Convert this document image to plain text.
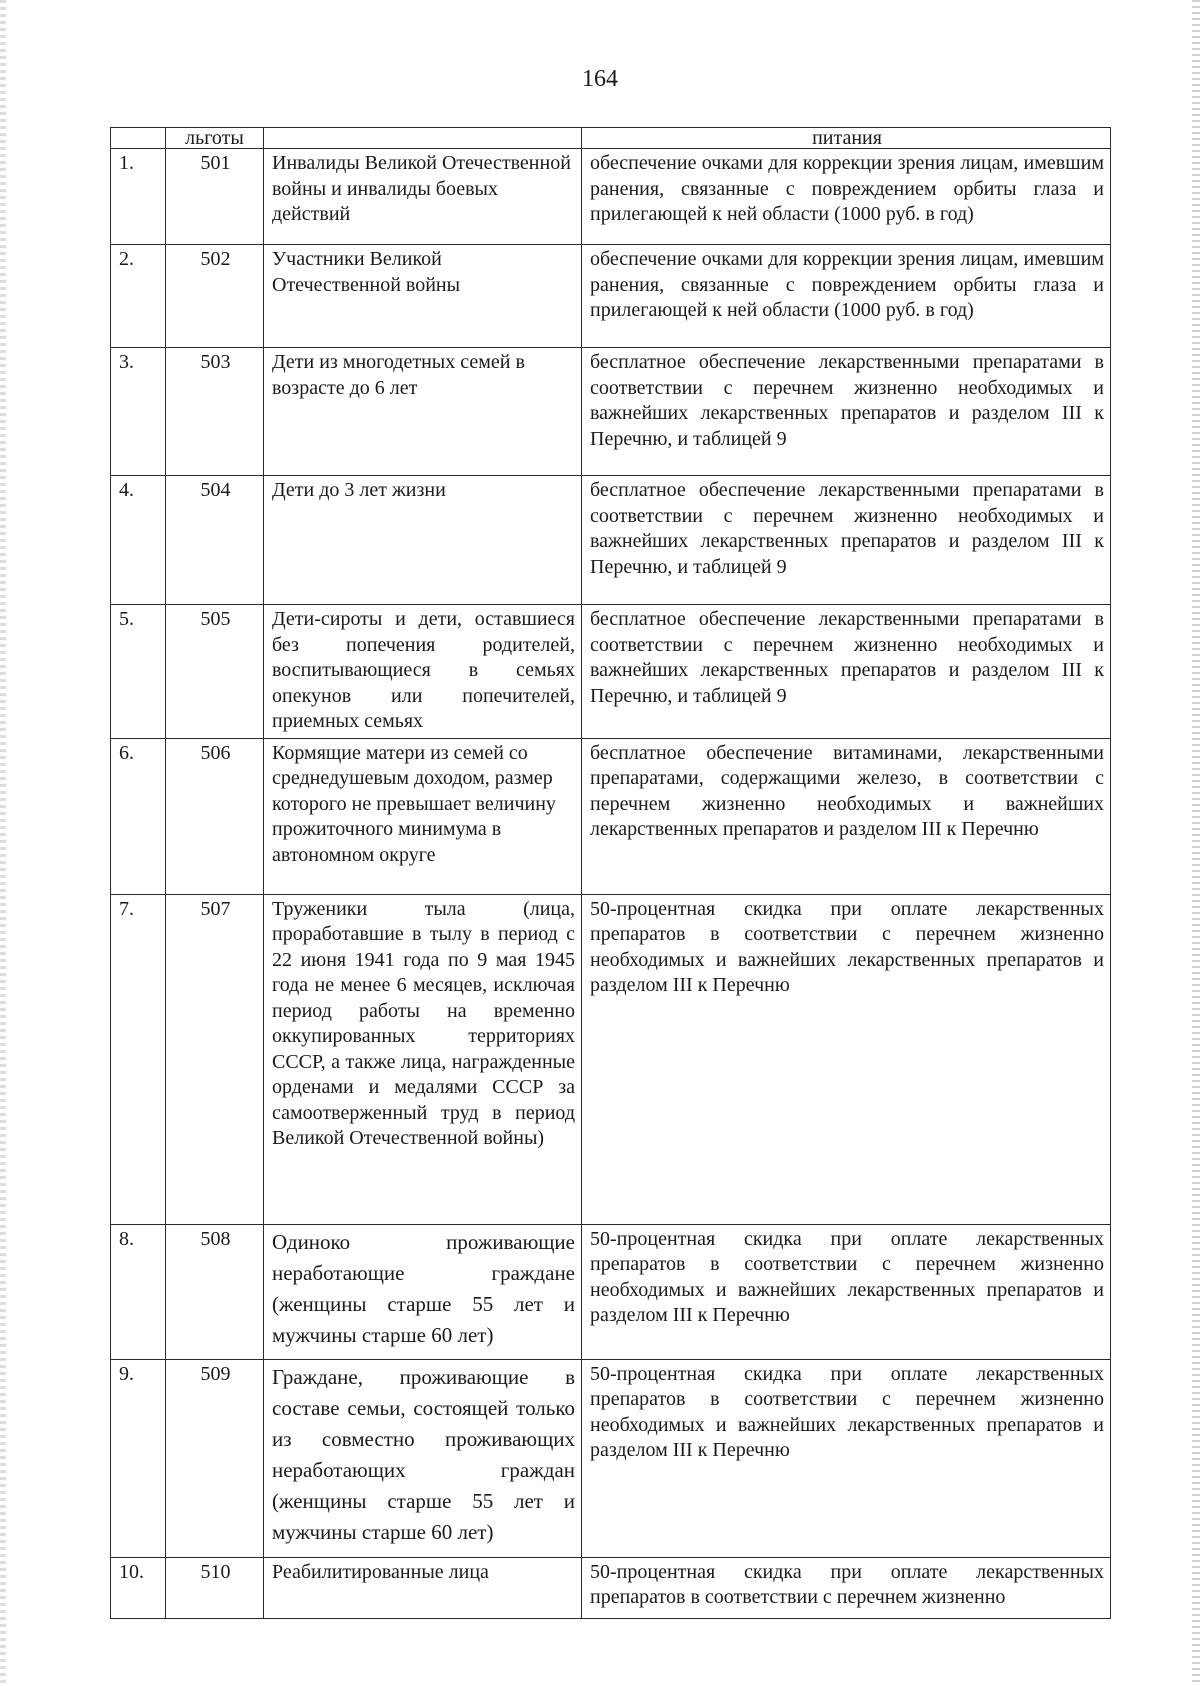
164
	льготы		питания
1.	501	Инвалиды Великой Отечественной войны и инвалиды боевых действий	обеспечение очками для коррекции зрения лицам, имевшим ранения, связанные с повреждением орбиты глаза и прилегающей к ней области (1000 руб. в год)
2.	502	Участники Великой Отечественной войны	обеспечение очками для коррекции зрения лицам, имевшим ранения, связанные с повреждением орбиты глаза и прилегающей к ней области (1000 руб. в год)
3.	503	Дети из многодетных семей в возрасте до 6 лет	бесплатное обеспечение лекарственными препаратами в соответствии с перечнем жизненно необходимых и важнейших лекарственных препаратов и разделом III к Перечню, и таблицей 9
4.	504	Дети до 3 лет жизни	бесплатное обеспечение лекарственными препаратами в соответствии с перечнем жизненно необходимых и важнейших лекарственных препаратов и разделом III к Перечню, и таблицей 9
5.	505	Дети-сироты и дети, оставшиеся без попечения родителей, воспитывающиеся в семьях опекунов или попечителей, приемных семьях	бесплатное обеспечение лекарственными препаратами в соответствии с перечнем жизненно необходимых и важнейших лекарственных препаратов и разделом III к Перечню, и таблицей 9
6.	506	Кормящие матери из семей со среднедушевым доходом, размер которого не превышает величину прожиточного минимума в автономном округе	бесплатное обеспечение витаминами, лекарственными препаратами, содержащими железо, в соответствии с перечнем жизненно необходимых и важнейших лекарственных препаратов и разделом III к Перечню
7.	507	Труженики тыла (лица, проработавшие в тылу в период с 22 июня 1941 года по 9 мая 1945 года не менее 6 месяцев, исключая период работы на временно оккупированных территориях СССР, а также лица, награжденные орденами и медалями СССР за самоотверженный труд в период Великой Отечественной войны)	50-процентная скидка при оплате лекарственных препаратов в соответствии с перечнем жизненно необходимых и важнейших лекарственных препаратов и разделом III к Перечню
8.	508	Одиноко проживающие неработающие граждане (женщины старше 55 лет и мужчины старше 60 лет)	50-процентная скидка при оплате лекарственных препаратов в соответствии с перечнем жизненно необходимых и важнейших лекарственных препаратов и разделом III к Перечню
9.	509	Граждане, проживающие в составе семьи, состоящей только из совместно проживающих неработающих граждан (женщины старше 55 лет и мужчины старше 60 лет)	50-процентная скидка при оплате лекарственных препаратов в соответствии с перечнем жизненно необходимых и важнейших лекарственных препаратов и разделом III к Перечню
10.	510	Реабилитированные лица	50-процентная скидка при оплате лекарственных препаратов в соответствии с перечнем жизненно
